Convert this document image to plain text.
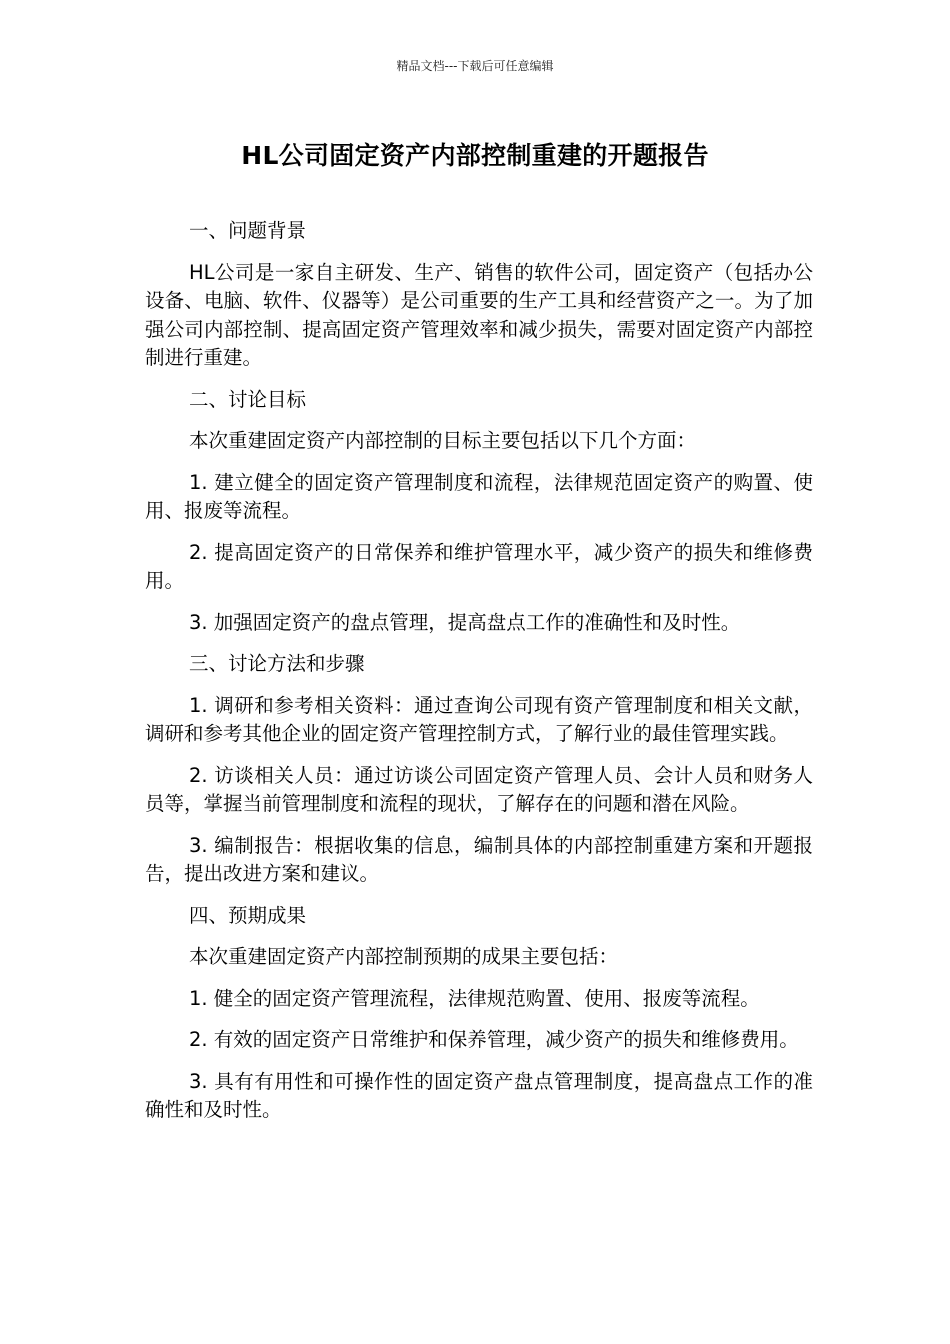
精品文档---下载后可任意编辑
HL公司固定资产内部控制重建的开题报告

一、问题背景

HL公司是一家自主研发、生产、销售的软件公司，固定资产（包括办公设备、电脑、软件、仪器等）是公司重要的生产工具和经营资产之一。为了加强公司内部控制、提高固定资产管理效率和减少损失，需要对固定资产内部控制进行重建。

二、讨论目标

本次重建固定资产内部控制的目标主要包括以下几个方面：

1. 建立健全的固定资产管理制度和流程，法律规范固定资产的购置、使用、报废等流程。

2. 提高固定资产的日常保养和维护管理水平，减少资产的损失和维修费用。

3. 加强固定资产的盘点管理，提高盘点工作的准确性和及时性。

三、讨论方法和步骤

1. 调研和参考相关资料：通过查询公司现有资产管理制度和相关文献，调研和参考其他企业的固定资产管理控制方式，了解行业的最佳管理实践。

2. 访谈相关人员：通过访谈公司固定资产管理人员、会计人员和财务人员等，掌握当前管理制度和流程的现状，了解存在的问题和潜在风险。

3. 编制报告：根据收集的信息，编制具体的内部控制重建方案和开题报告，提出改进方案和建议。

四、预期成果

本次重建固定资产内部控制预期的成果主要包括：

1. 健全的固定资产管理流程，法律规范购置、使用、报废等流程。

2. 有效的固定资产日常维护和保养管理，减少资产的损失和维修费用。

3. 具有有用性和可操作性的固定资产盘点管理制度，提高盘点工作的准确性和及时性。
